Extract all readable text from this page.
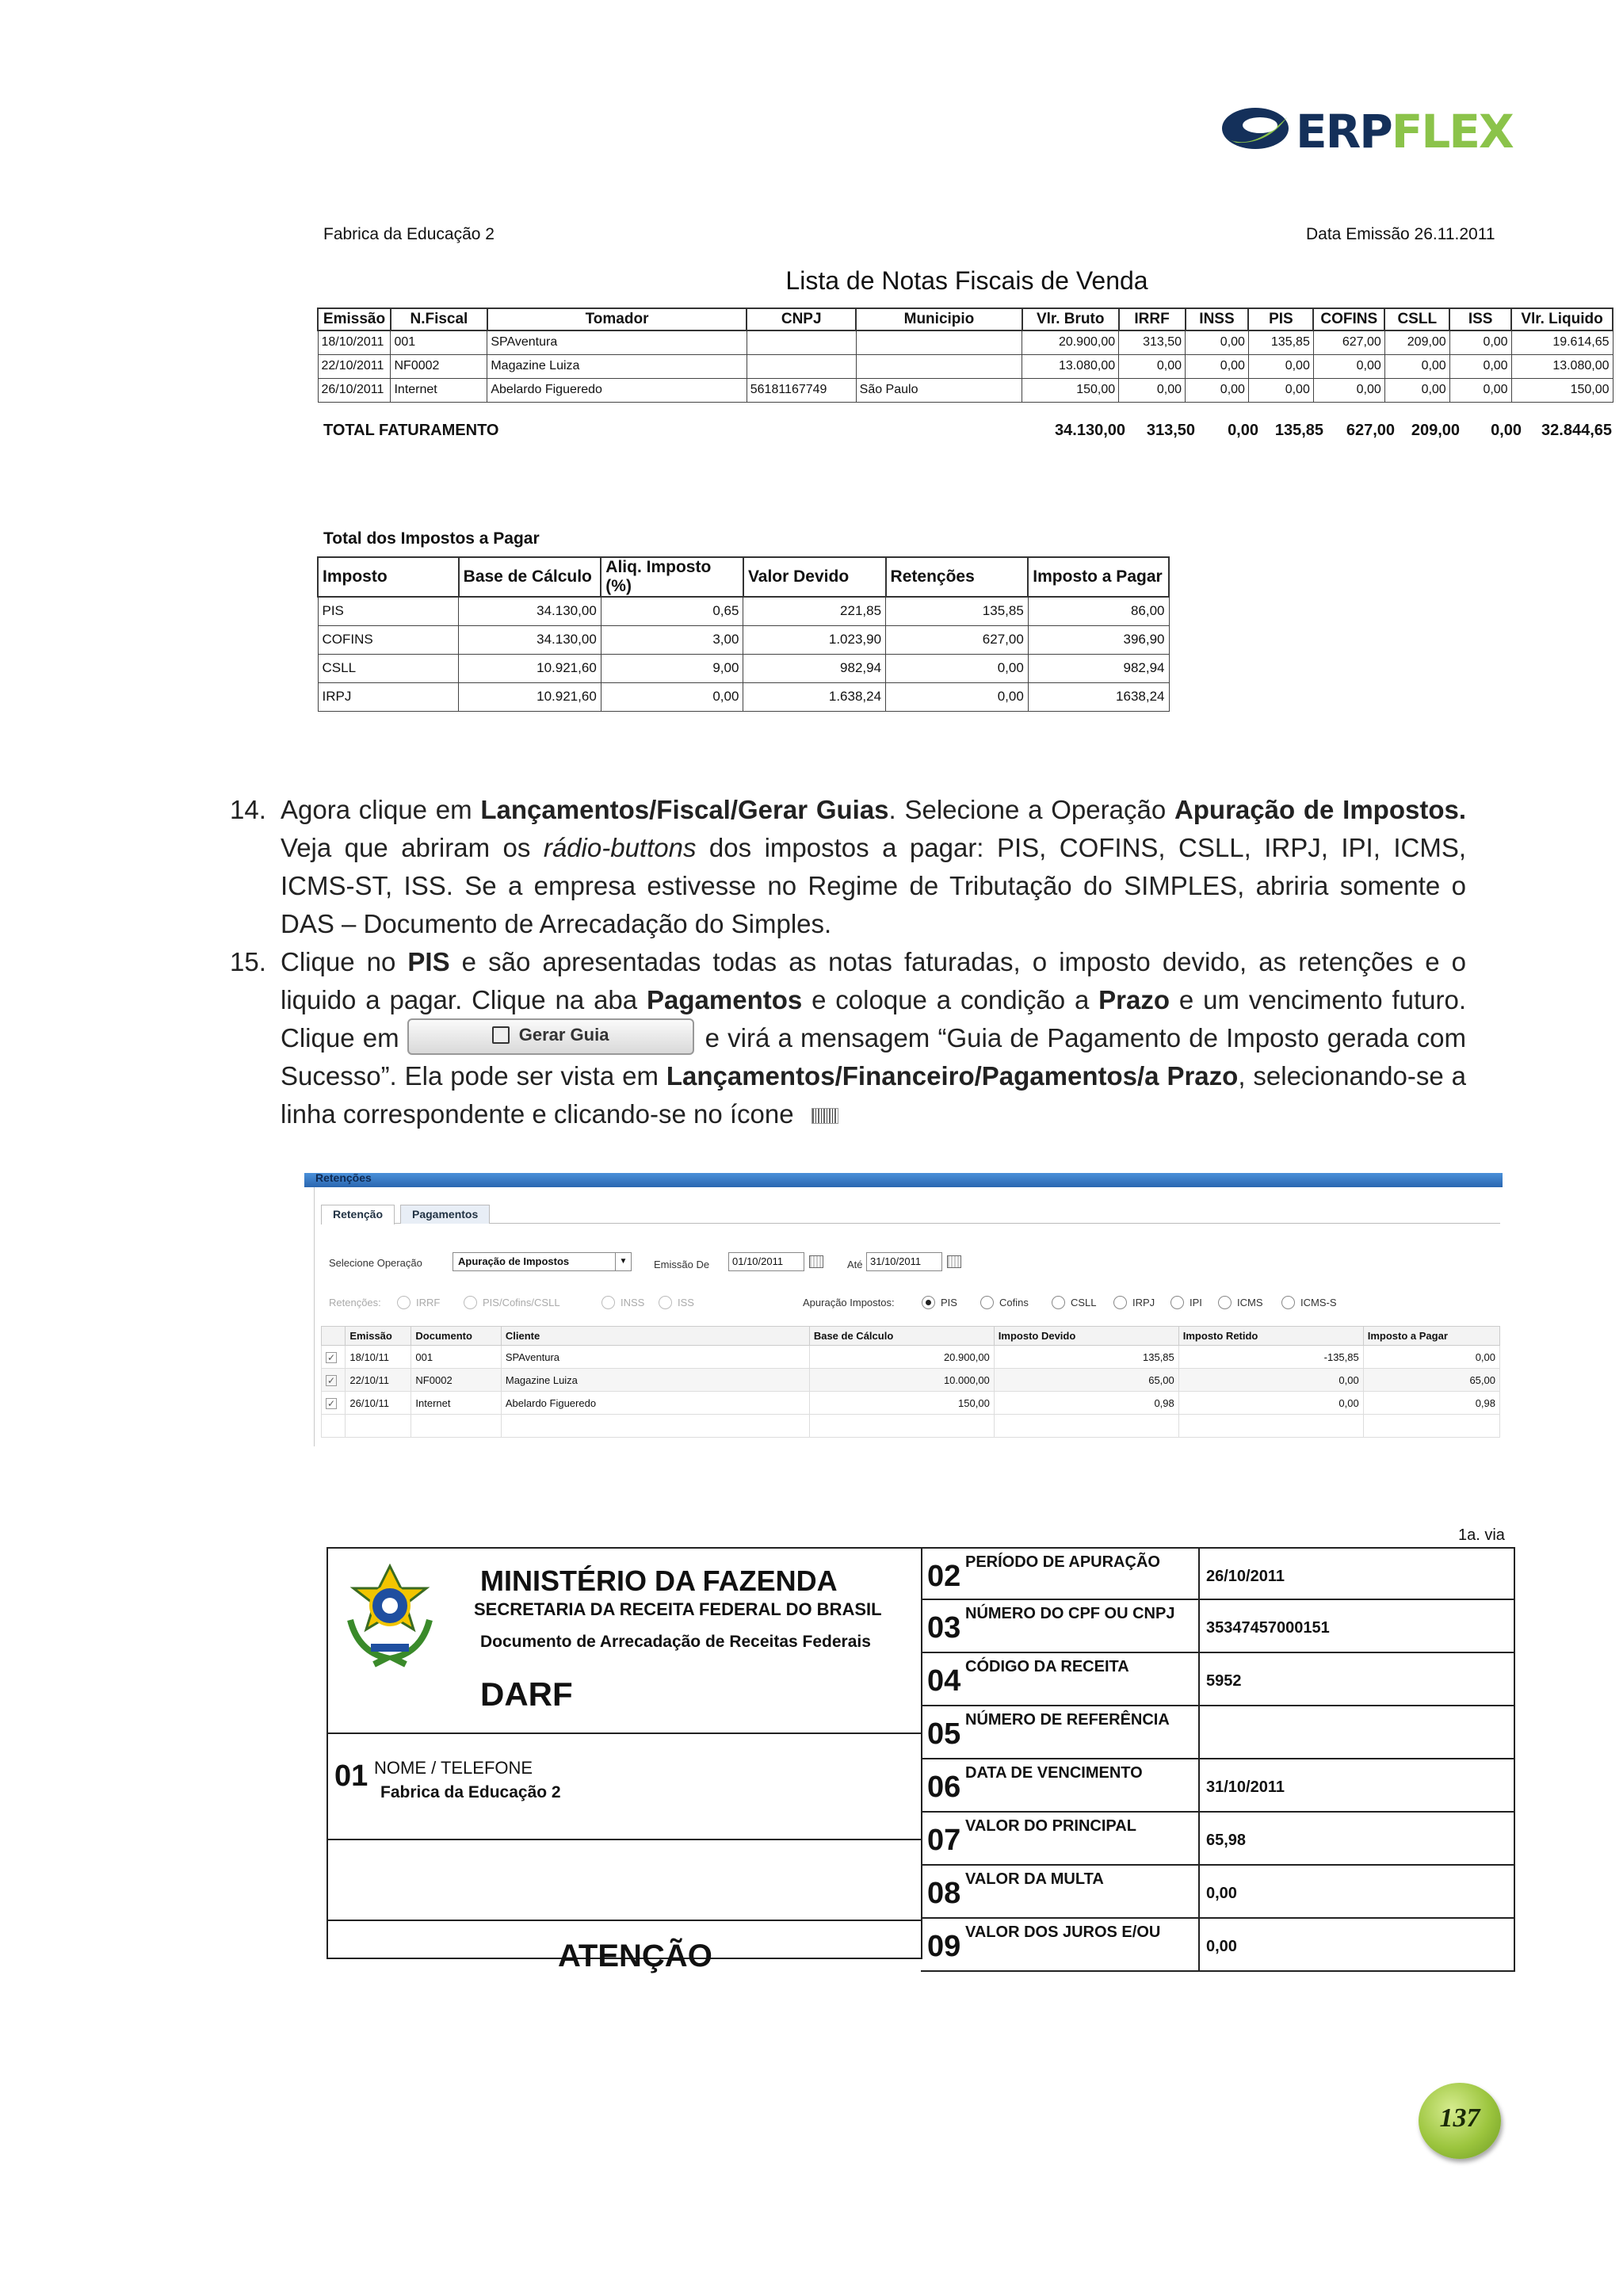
ERPFLEX
Fabrica da Educação 2	Data Emissão 26.11.2011
Lista de Notas Fiscais de Venda
Emissão	N.Fiscal	Tomador	CNPJ	Municipio	Vlr. Bruto	IRRF	INSS	PIS	COFINS	CSLL	ISS	Vlr. Liquido
18/10/2011	001	SPAventura			20.900,00	313,50	0,00	135,85	627,00	209,00	0,00	19.614,65
22/10/2011	NF0002	Magazine Luiza			13.080,00	0,00	0,00	0,00	0,00	0,00	0,00	13.080,00
26/10/2011	Internet	Abelardo Figueredo	56181167749	São Paulo	150,00	0,00	0,00	0,00	0,00	0,00	0,00	150,00
TOTAL FATURAMENTO	34.130,00 313,50 0,00 135,85 627,00 209,00 0,00 32.844,65
Total dos Impostos a Pagar
Imposto	Base de Cálculo	Aliq. Imposto (%)	Valor Devido	Retenções	Imposto a Pagar
PIS	34.130,00	0,65	221,85	135,85	86,00
COFINS	34.130,00	3,00	1.023,90	627,00	396,90
CSLL	10.921,60	9,00	982,94	0,00	982,94
IRPJ	10.921,60	0,00	1.638,24	0,00	1638,24
14. Agora clique em Lançamentos/Fiscal/Gerar Guias. Selecione a Operação Apuração de Impostos. Veja que abriram os rádio-buttons dos impostos a pagar: PIS, COFINS, CSLL, IRPJ, IPI, ICMS, ICMS-ST, ISS. Se a empresa estivesse no Regime de Tributação do SIMPLES, abriria somente o DAS – Documento de Arrecadação do Simples.
15. Clique no PIS e são apresentadas todas as notas faturadas, o imposto devido, as retenções e o liquido a pagar. Clique na aba Pagamentos e coloque a condição a Prazo e um vencimento futuro. Clique em	Gerar Guia	e virá a mensagem “Guia de Pagamento de Imposto gerada com Sucesso”. Ela pode ser vista em Lançamentos/Financeiro/Pagamentos/a Prazo, selecionando-se a linha correspondente e clicando-se no ícone
Retenções
Retenção	Pagamentos
Selecione Operação	Apuração de Impostos	▼	Emissão De	01/10/2011	Até 31/10/2011
Retenções:	IRRF	PIS/Cofins/CSLL	INSS	ISS	Apuração Impostos:	PIS	Cofins	CSLL	IRPJ	IPI	ICMS	ICMS-S
	Emissão	Documento	Cliente	Base de Cálculo	Imposto Devido	Imposto Retido	Imposto a Pagar
✓	18/10/11	001	SPAventura	20.900,00	135,85	-135,85	0,00
✓	22/10/11	NF0002	Magazine Luiza	10.000,00	65,00	0,00	65,00
✓	26/10/11	Internet	Abelardo Figueredo	150,00	0,98	0,00	0,98

1a. via
MINISTÉRIO DA FAZENDA
SECRETARIA DA RECEITA FEDERAL DO BRASIL
Documento de Arrecadação de Receitas Federais
DARF
01 NOME / TELEFONE
Fabrica da Educação 2
ATENÇÃO
02 PERÍODO DE APURAÇÃO
26/10/2011
03 NÚMERO DO CPF OU CNPJ
35347457000151
04 CÓDIGO DA RECEITA
5952
05 NÚMERO DE REFERÊNCIA
06 DATA DE VENCIMENTO
31/10/2011
07 VALOR DO PRINCIPAL
65,98
08 VALOR DA MULTA
0,00
09 VALOR DOS JUROS E/OU
0,00
137
